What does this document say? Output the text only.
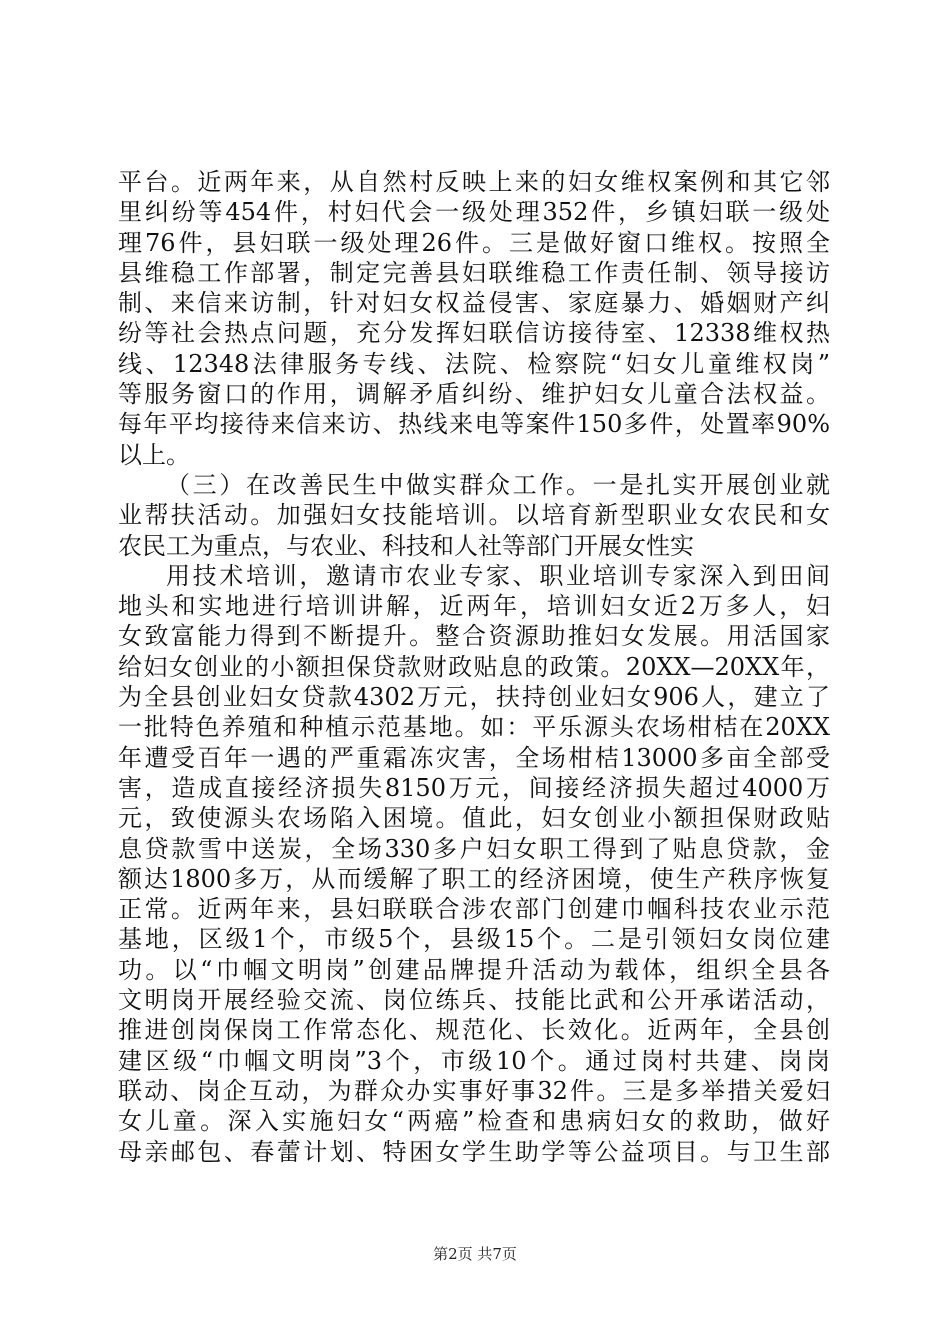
平台。近两年来，从自然村反映上来的妇女维权案例和其它邻
里纠纷等454件，村妇代会一级处理352件，乡镇妇联一级处
理76件，县妇联一级处理26件。三是做好窗口维权。按照全
县维稳工作部署，制定完善县妇联维稳工作责任制、领导接访
制、来信来访制，针对妇女权益侵害、家庭暴力、婚姻财产纠
纷等社会热点问题，充分发挥妇联信访接待室、12338维权热
线、12348法律服务专线、法院、检察院“妇女儿童维权岗”
等服务窗口的作用，调解矛盾纠纷、维护妇女儿童合法权益。
每年平均接待来信来访、热线来电等案件150多件，处置率90%
以上。
（三）在改善民生中做实群众工作。一是扎实开展创业就
业帮扶活动。加强妇女技能培训。以培育新型职业女农民和女
农民工为重点，与农业、科技和人社等部门开展女性实
用技术培训，邀请市农业专家、职业培训专家深入到田间
地头和实地进行培训讲解，近两年，培训妇女近2万多人，妇
女致富能力得到不断提升。整合资源助推妇女发展。用活国家
给妇女创业的小额担保贷款财政贴息的政策。20XX—20XX年，
为全县创业妇女贷款4302万元，扶持创业妇女906人，建立了
一批特色养殖和种植示范基地。如：平乐源头农场柑桔在20XX
年遭受百年一遇的严重霜冻灾害，全场柑桔13000多亩全部受
害，造成直接经济损失8150万元，间接经济损失超过4000万
元，致使源头农场陷入困境。值此，妇女创业小额担保财政贴
息贷款雪中送炭，全场330多户妇女职工得到了贴息贷款，金
额达1800多万，从而缓解了职工的经济困境，使生产秩序恢复
正常。近两年来，县妇联联合涉农部门创建巾帼科技农业示范
基地，区级1个，市级5个，县级15个。二是引领妇女岗位建
功。以“巾帼文明岗”创建品牌提升活动为载体，组织全县各
文明岗开展经验交流、岗位练兵、技能比武和公开承诺活动，
推进创岗保岗工作常态化、规范化、长效化。近两年，全县创
建区级“巾帼文明岗”3个，市级10个。通过岗村共建、岗岗
联动、岗企互动，为群众办实事好事32件。三是多举措关爱妇
女儿童。深入实施妇女“两癌”检查和患病妇女的救助，做好
母亲邮包、春蕾计划、特困女学生助学等公益项目。与卫生部
第2页 共7页
